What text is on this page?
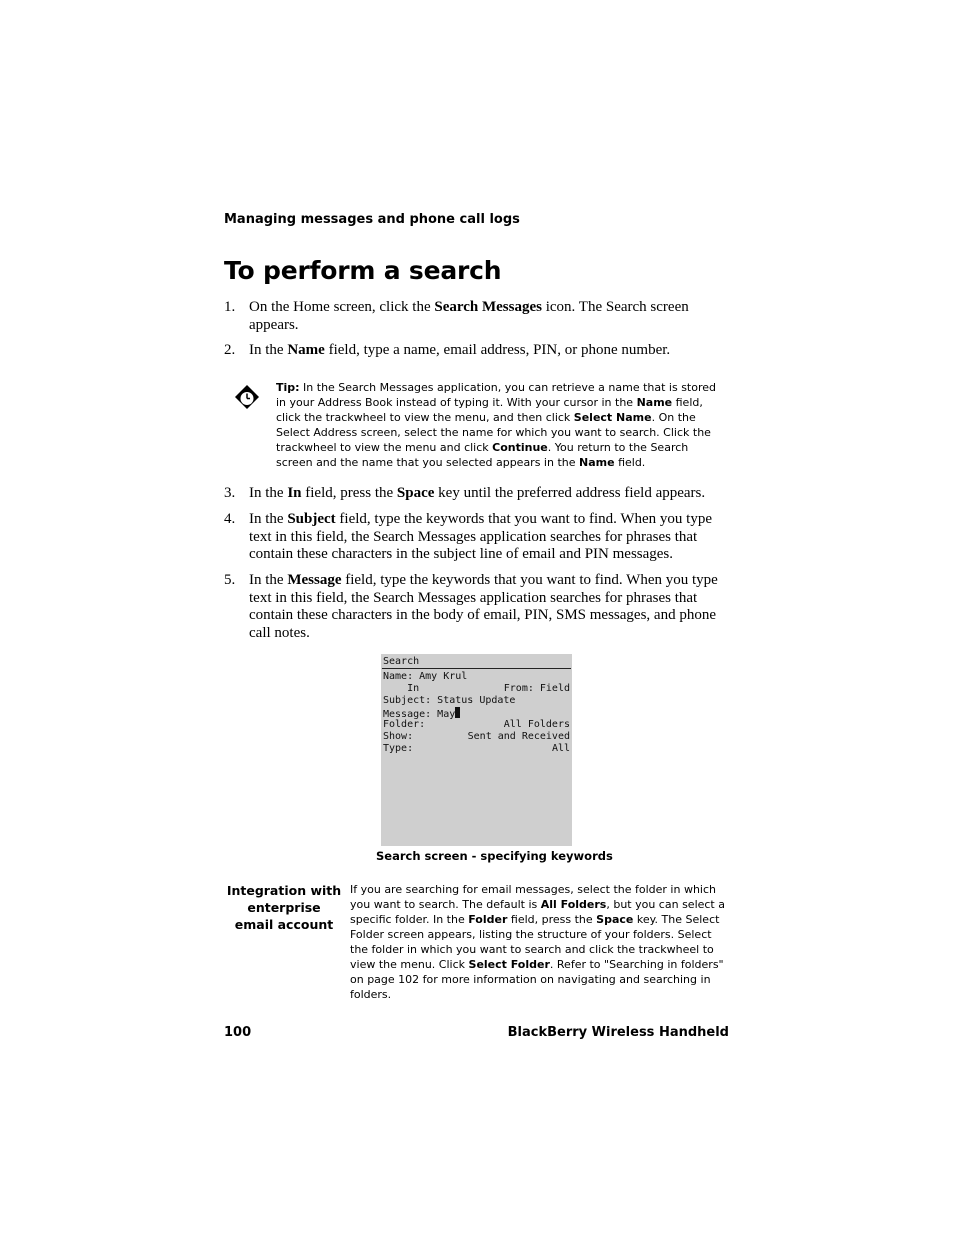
Managing messages and phone call logs
To perform a search
1. On the Home screen, click the Search Messages icon. The Search screen appears.
2. In the Name field, type a name, email address, PIN, or phone number.
Tip: In the Search Messages application, you can retrieve a name that is stored in your Address Book instead of typing it. With your cursor in the Name field, click the trackwheel to view the menu, and then click Select Name. On the Select Address screen, select the name for which you want to search. Click the trackwheel to view the menu and click Continue. You return to the Search screen and the name that you selected appears in the Name field.
3. In the In field, press the Space key until the preferred address field appears.
4. In the Subject field, type the keywords that you want to find. When you type text in this field, the Search Messages application searches for phrases that contain these characters in the subject line of email and PIN messages.
5. In the Message field, type the keywords that you want to find. When you type text in this field, the Search Messages application searches for phrases that contain these characters in the body of email, PIN, SMS messages, and phone call notes.
Search
Name: Amy Krul
In	From: Field
Subject: Status Update
Message: May
Folder:	All Folders
Show:	Sent and Received
Type:	All
Search screen - specifying keywords
Integration with enterprise email account
If you are searching for email messages, select the folder in which you want to search. The default is All Folders, but you can select a specific folder. In the Folder field, press the Space key. The Select Folder screen appears, listing the structure of your folders. Select the folder in which you want to search and click the trackwheel to view the menu. Click Select Folder. Refer to "Searching in folders" on page 102 for more information on navigating and searching in folders.
100	BlackBerry Wireless Handheld
